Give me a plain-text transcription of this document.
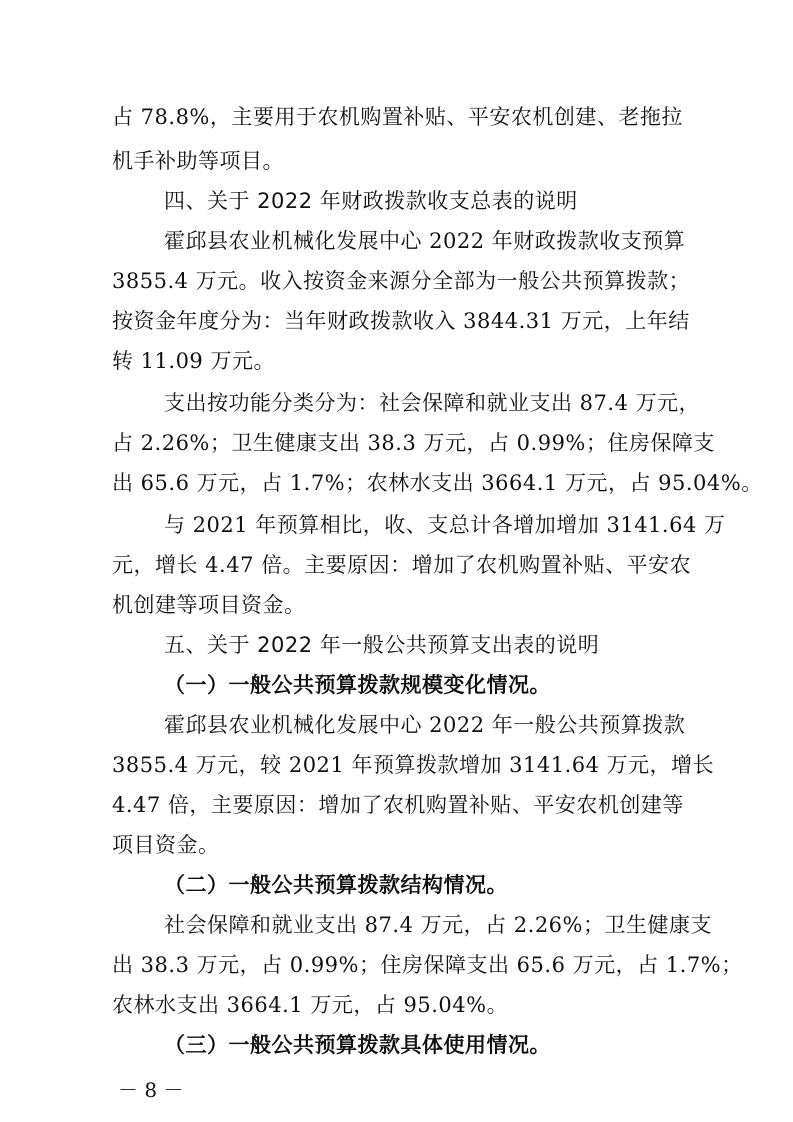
占 78.8%，主要用于农机购置补贴、平安农机创建、老拖拉
机手补助等项目。
四、关于 2022 年财政拨款收支总表的说明
霍邱县农业机械化发展中心 2022 年财政拨款收支预算
3855.4 万元。收入按资金来源分全部为一般公共预算拨款；
按资金年度分为：当年财政拨款收入 3844.31 万元，上年结
转 11.09 万元。
支出按功能分类分为：社会保障和就业支出 87.4 万元，
占 2.26%；卫生健康支出 38.3 万元，占 0.99%；住房保障支
出 65.6 万元，占 1.7%；农林水支出 3664.1 万元，占 95.04%。
与 2021 年预算相比，收、支总计各增加增加 3141.64 万
元，增长 4.47 倍。主要原因：增加了农机购置补贴、平安农
机创建等项目资金。
五、关于 2022 年一般公共预算支出表的说明
（一）一般公共预算拨款规模变化情况。
霍邱县农业机械化发展中心 2022 年一般公共预算拨款
3855.4 万元，较 2021 年预算拨款增加 3141.64 万元，增长
4.47 倍，主要原因：增加了农机购置补贴、平安农机创建等
项目资金。
（二）一般公共预算拨款结构情况。
社会保障和就业支出 87.4 万元，占 2.26%；卫生健康支
出 38.3 万元，占 0.99%；住房保障支出 65.6 万元，占 1.7%；
农林水支出 3664.1 万元，占 95.04%。
（三）一般公共预算拨款具体使用情况。
－ 8 －
